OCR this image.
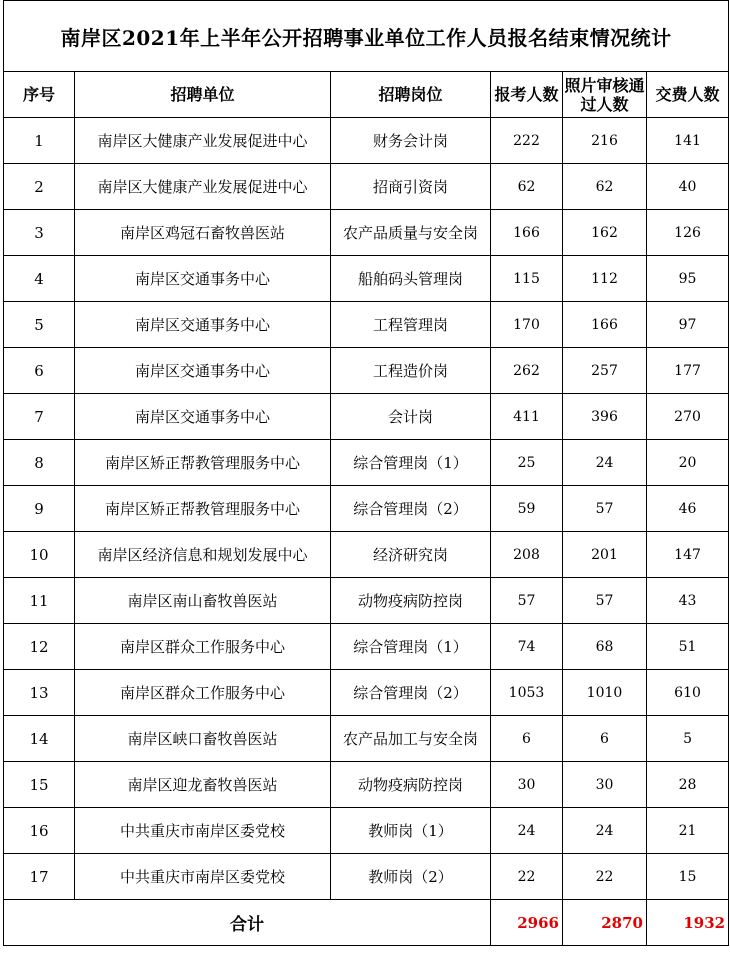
南岸区2021年上半年公开招聘事业单位工作人员报名结束情况统计					
序号	招聘单位	招聘岗位	报考人数	照片审核通过人数	交费人数
1	南岸区大健康产业发展促进中心	财务会计岗	222	216	141
2	南岸区大健康产业发展促进中心	招商引资岗	62	62	40
3	南岸区鸡冠石畜牧兽医站	农产品质量与安全岗	166	162	126
4	南岸区交通事务中心	船舶码头管理岗	115	112	95
5	南岸区交通事务中心	工程管理岗	170	166	97
6	南岸区交通事务中心	工程造价岗	262	257	177
7	南岸区交通事务中心	会计岗	411	396	270
8	南岸区矫正帮教管理服务中心	综合管理岗（1）	25	24	20
9	南岸区矫正帮教管理服务中心	综合管理岗（2）	59	57	46
10	南岸区经济信息和规划发展中心	经济研究岗	208	201	147
11	南岸区南山畜牧兽医站	动物疫病防控岗	57	57	43
12	南岸区群众工作服务中心	综合管理岗（1）	74	68	51
13	南岸区群众工作服务中心	综合管理岗（2）	1053	1010	610
14	南岸区峡口畜牧兽医站	农产品加工与安全岗	6	6	5
15	南岸区迎龙畜牧兽医站	动物疫病防控岗	30	30	28
16	中共重庆市南岸区委党校	教师岗（1）	24	24	21
17	中共重庆市南岸区委党校	教师岗（2）	22	22	15
合计			2966	2870	1932
